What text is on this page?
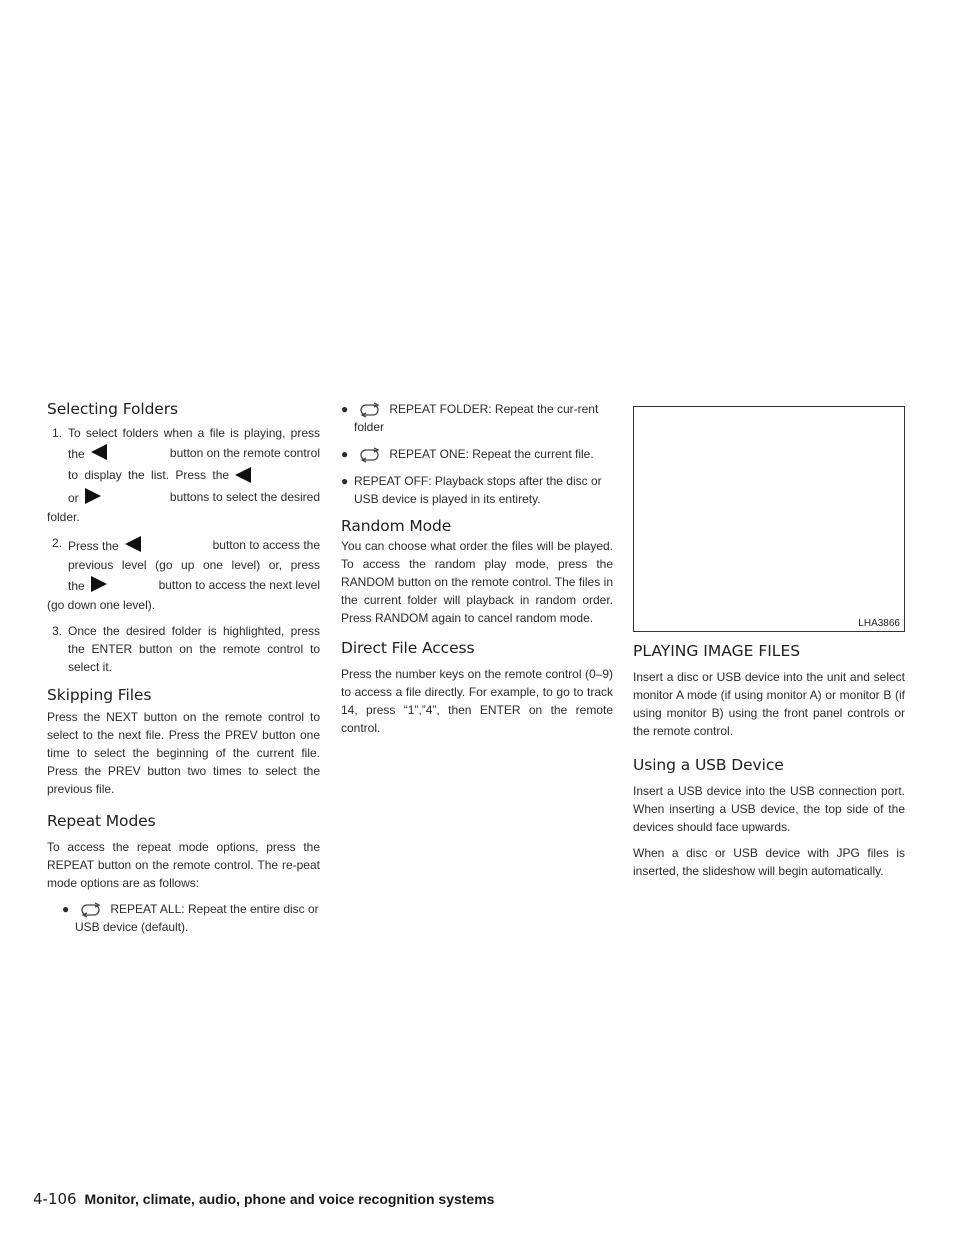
Selecting Folders
1. To select folders when a file is playing, press
the	button on the remote control
to display the list. Press the
or	buttons to select the desired
folder.
2. Press the	button to access the
previous level (go up one level) or, press
the	button to access the next level
(go down one level).
3. Once the desired folder is highlighted, press the ENTER button on the remote control to select it.
Skipping Files

Press the NEXT button on the remote control to select to the next file. Press the PREV button one time to select the beginning of the current file. Press the PREV button two times to select the previous file.

Repeat Modes

To access the repeat mode options, press the REPEAT button on the remote control. The re-peat mode options are as follows:

●	REPEAT ALL: Repeat the entire disc or USB device (default).
●	REPEAT FOLDER: Repeat the cur-rent folder
●	REPEAT ONE: Repeat the current file.
● REPEAT OFF: Playback stops after the disc or USB device is played in its entirety.
Random Mode

You can choose what order the files will be played. To access the random play mode, press the RANDOM button on the remote control. The files in the current folder will playback in random order. Press RANDOM again to cancel random mode.

Direct File Access

Press the number keys on the remote control (0–9) to access a file directly. For example, to go to track 14, press “1”,”4”, then ENTER on the remote control.

LHA3866
PLAYING IMAGE FILES

Insert a disc or USB device into the unit and select monitor A mode (if using monitor A) or monitor B (if using monitor B) using the front panel controls or the remote control.

Using a USB Device

Insert a USB device into the USB connection port. When inserting a USB device, the top side of the devices should face upwards.

When a disc or USB device with JPG files is inserted, the slideshow will begin automatically.

4-106 Monitor, climate, audio, phone and voice recognition systems
